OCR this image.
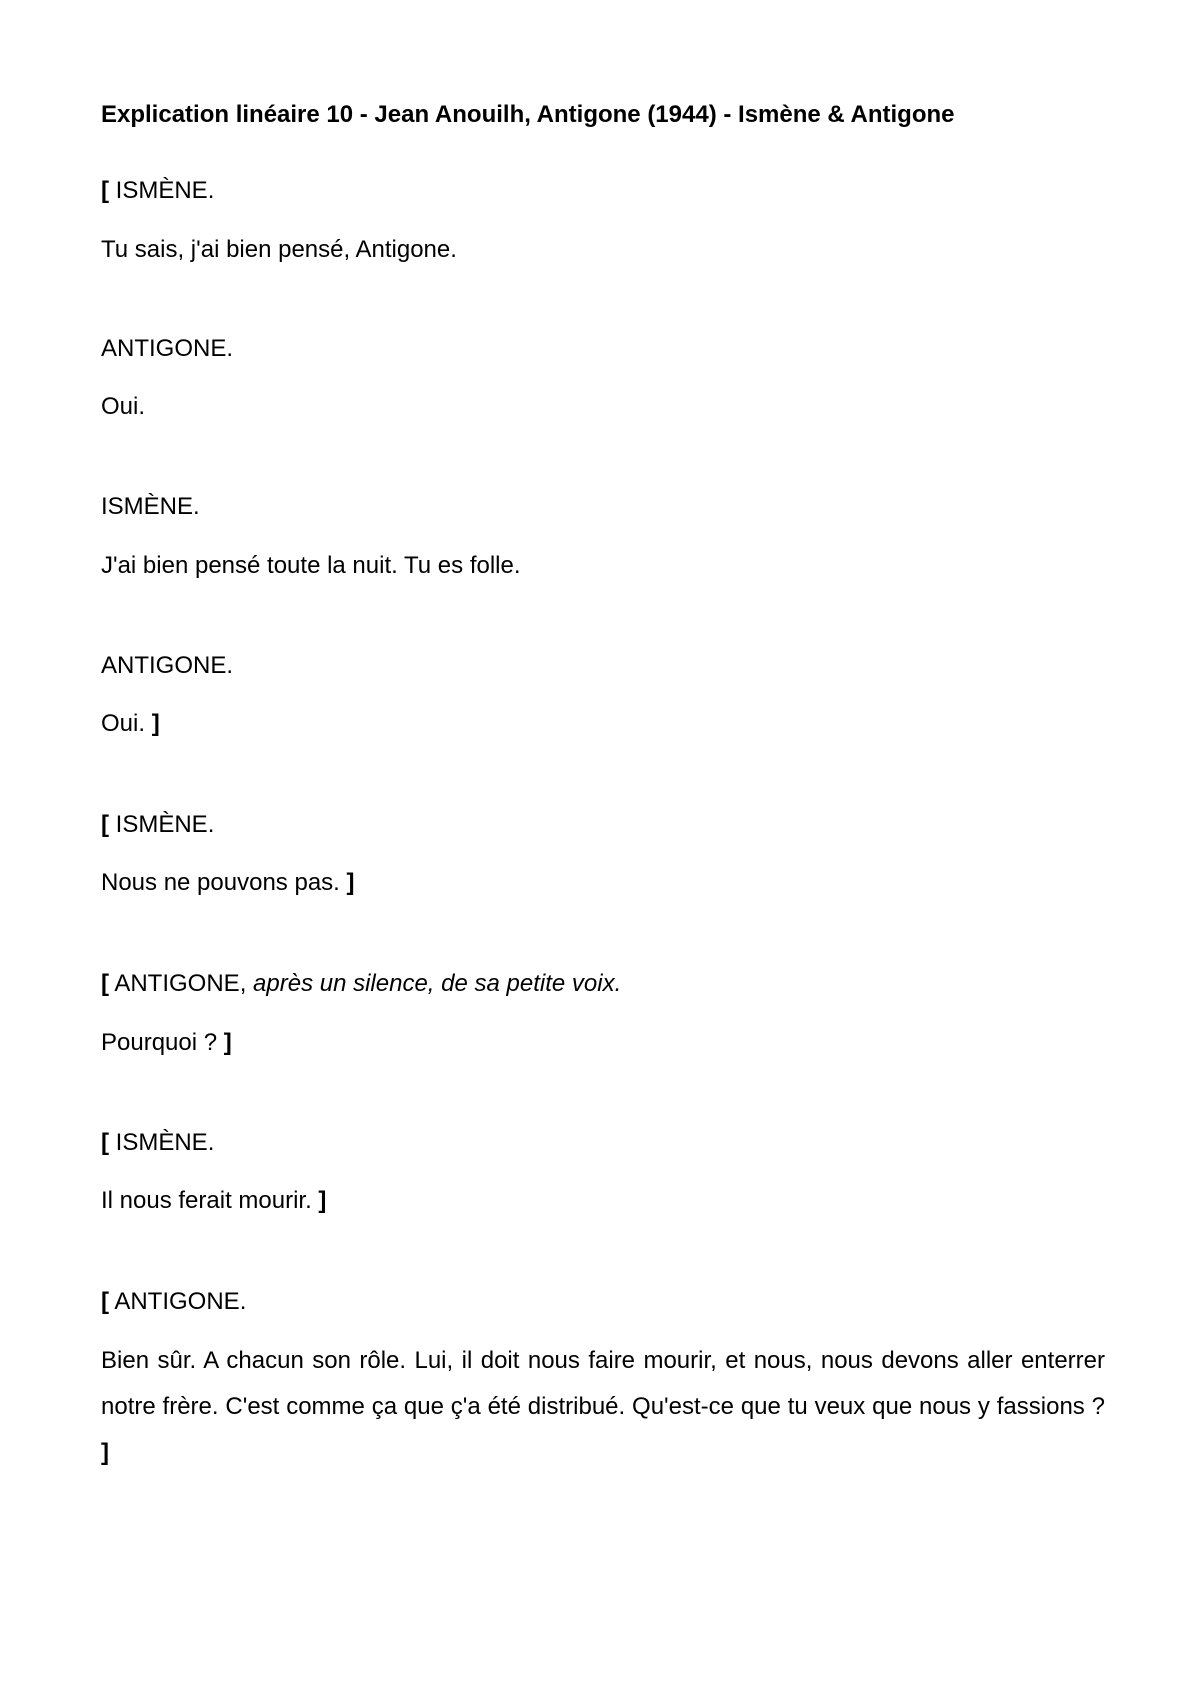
Explication linéaire 10 - Jean Anouilh, Antigone (1944) - Ismène & Antigone
[ ISMÈNE.
Tu sais, j'ai bien pensé, Antigone.
ANTIGONE.
Oui.
ISMÈNE.
J'ai bien pensé toute la nuit. Tu es folle.
ANTIGONE.
Oui. ]
[ ISMÈNE.
Nous ne pouvons pas. ]
[ ANTIGONE, après un silence, de sa petite voix.
Pourquoi ? ]
[ ISMÈNE.
Il nous ferait mourir. ]
[ ANTIGONE.
Bien sûr. A chacun son rôle. Lui, il doit nous faire mourir, et nous, nous devons aller enterrer notre frère. C'est comme ça que ç'a été distribué. Qu'est-ce que tu veux que nous y fassions ? ]
